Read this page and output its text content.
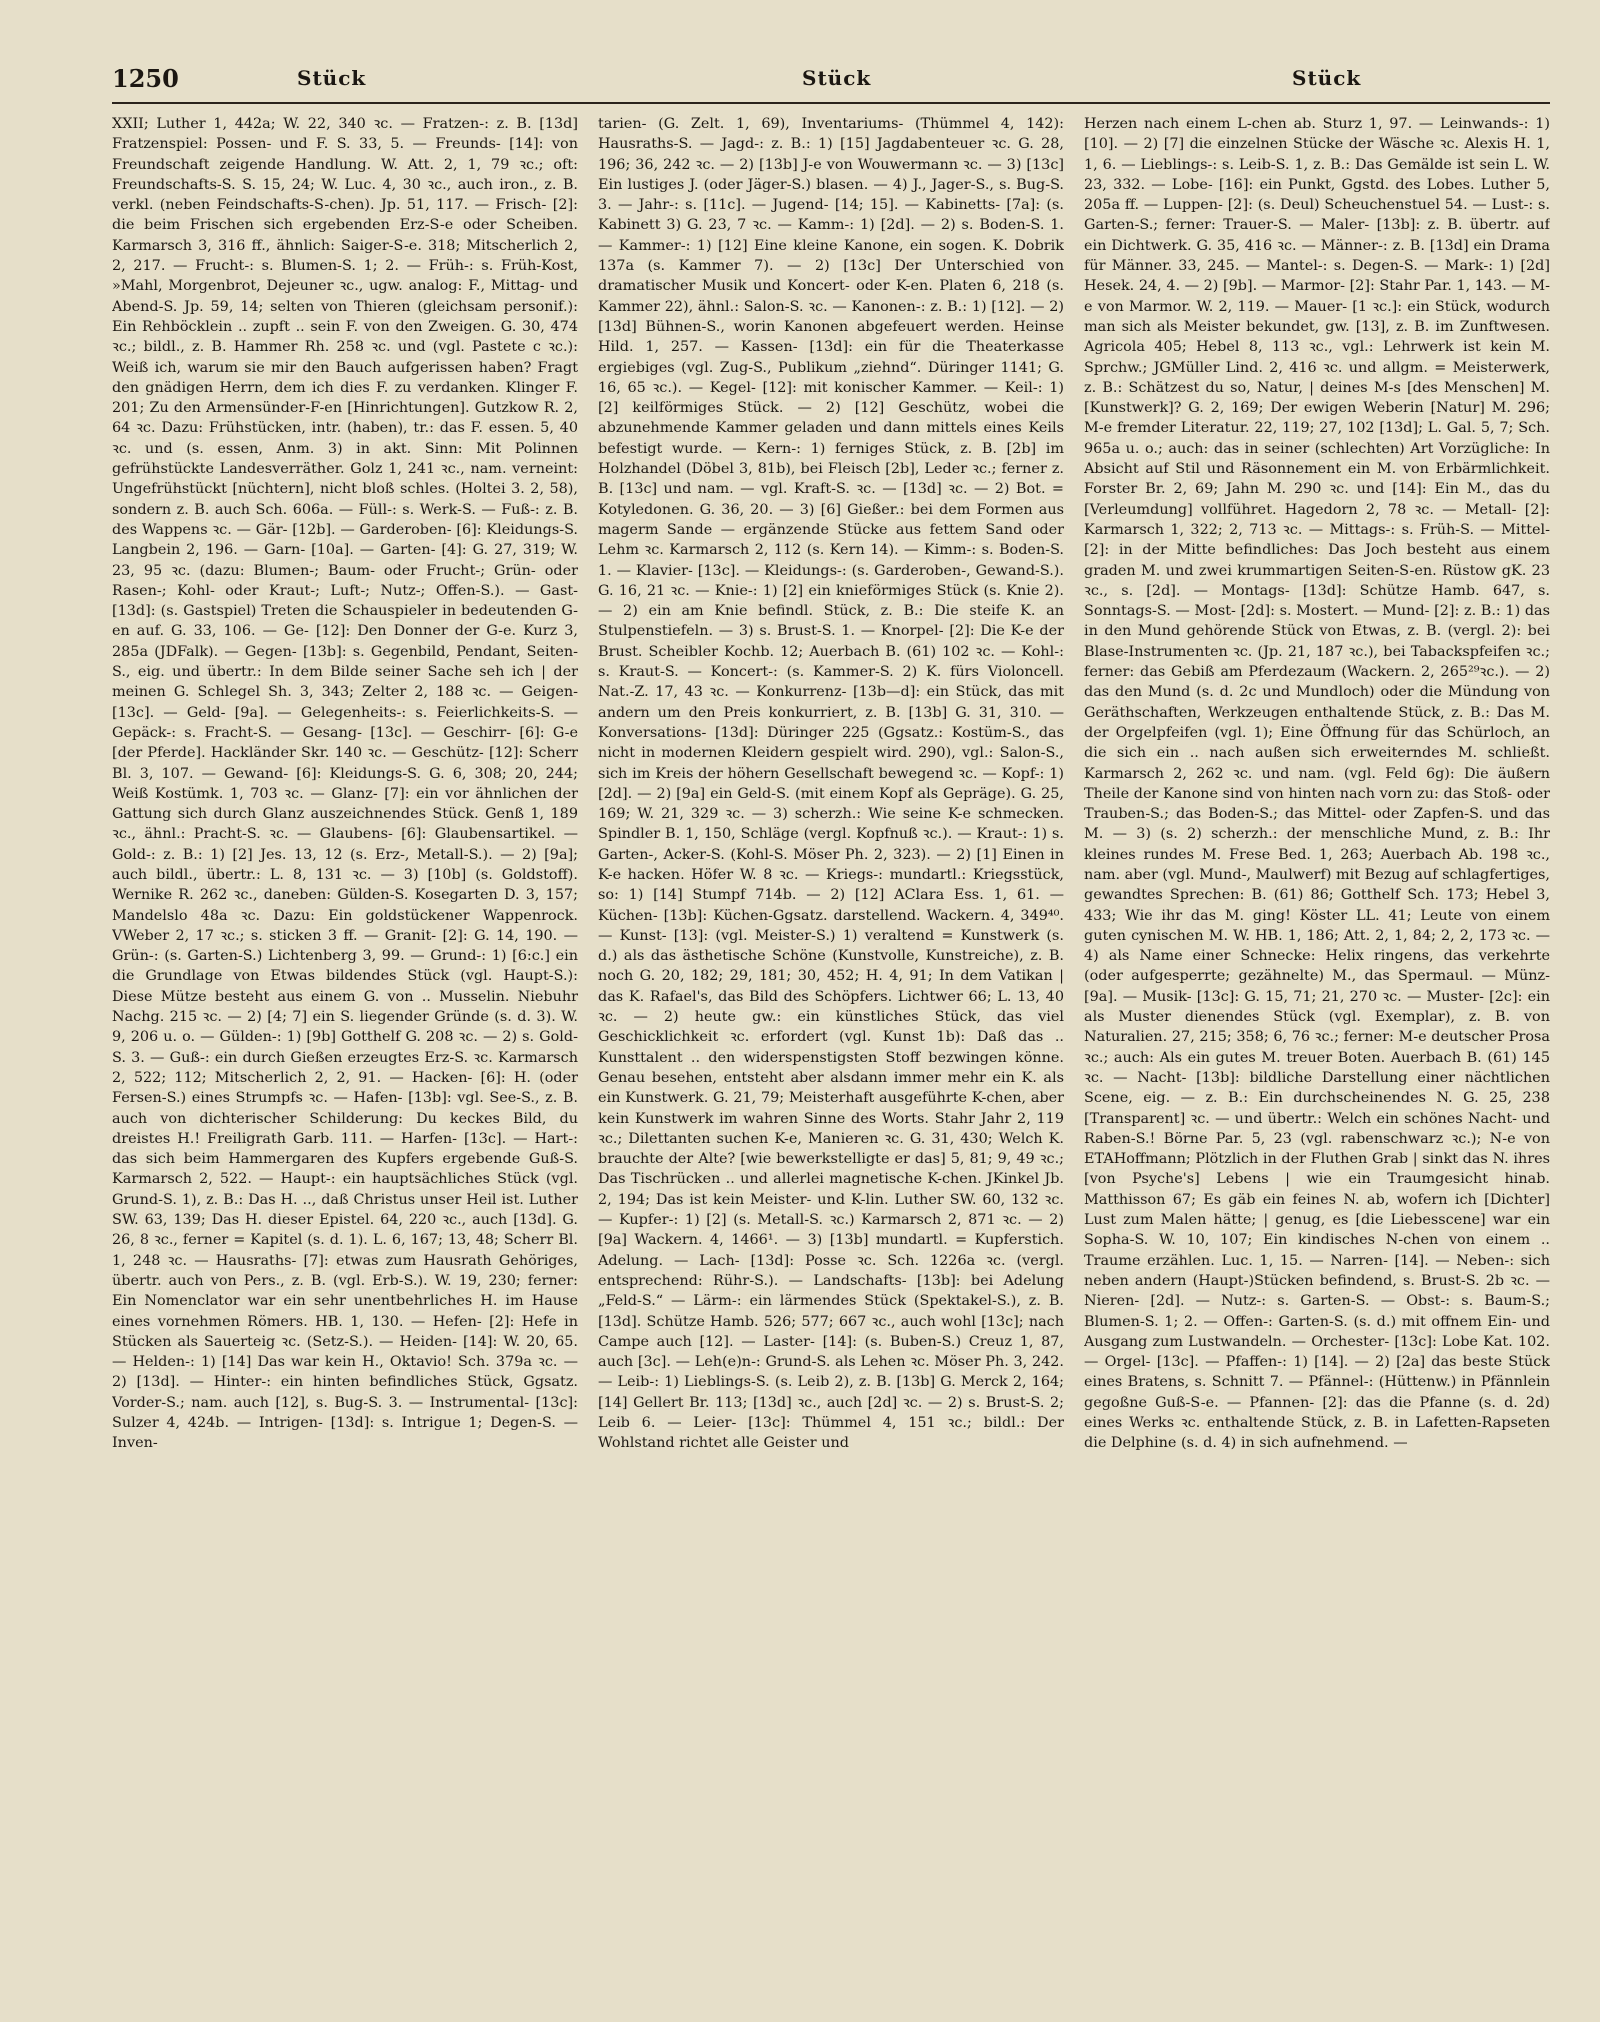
1250	Stück	Stück	Stück

XXII; Luther 1, 442a; W. 22, 340 ꝛc. — Fratzen-: z. B. [13d] Fratzenspiel: Possen- und F. S. 33, 5. — Freunds- [14]: von Freundschaft zeigende Handlung. W. Att. 2, 1, 79 ꝛc.; oft: Freundschafts-S. S. 15, 24; W. Luc. 4, 30 ꝛc., auch iron., z. B. verkl. (neben Feindschafts-S-chen). Jp. 51, 117. — Frisch- [2]: die beim Frischen sich ergebenden Erz-S-e oder Scheiben. Karmarsch 3, 316 ff., ähnlich: Saiger-S-e. 318; Mitscherlich 2, 2, 217. — Frucht-: s. Blumen-S. 1; 2. — Früh-: s. Früh-Kost, »Mahl, Morgenbrot, Dejeuner ꝛc., ugw. analog: F., Mittag- und Abend-S. Jp. 59, 14; selten von Thieren (gleichsam personif.): Ein Rehböcklein .. zupft .. sein F. von den Zweigen. G. 30, 474 ꝛc.; bildl., z. B. Hammer Rh. 258 ꝛc. und (vgl. Pastete c ꝛc.): Weiß ich, warum sie mir den Bauch aufgerissen haben? Fragt den gnädigen Herrn, dem ich dies F. zu verdanken. Klinger F. 201; Zu den Armensünder-F-en [Hinrichtungen]. Gutzkow R. 2, 64 ꝛc. Dazu: Frühstücken, intr. (haben), tr.: das F. essen. 5, 40 ꝛc. und (s. essen, Anm. 3) in akt. Sinn: Mit Polinnen gefrühstückte Landesverräther. Golz 1, 241 ꝛc., nam. verneint: Ungefrühstückt [nüchtern], nicht bloß schles. (Holtei 3. 2, 58), sondern z. B. auch Sch. 606a. — Füll-: s. Werk-S. — Fuß-: z. B. des Wappens ꝛc. — Gär- [12b]. — Garderoben- [6]: Kleidungs-S. Langbein 2, 196. — Garn- [10a]. — Garten- [4]: G. 27, 319; W. 23, 95 ꝛc. (dazu: Blumen-; Baum- oder Frucht-; Grün- oder Rasen-; Kohl- oder Kraut-; Luft-; Nutz-; Offen-S.). — Gast- [13d]: (s. Gastspiel) Treten die Schauspieler in bedeutenden G-en auf. G. 33, 106. — Ge- [12]: Den Donner der G-e. Kurz 3, 285a (JDFalk). — Gegen- [13b]: s. Gegenbild, Pendant, Seiten-S., eig. und übertr.: In dem Bilde seiner Sache seh ich | der meinen G. Schlegel Sh. 3, 343; Zelter 2, 188 ꝛc. — Geigen- [13c]. — Geld- [9a]. — Gelegenheits-: s. Feierlichkeits-S. — Gepäck-: s. Fracht-S. — Gesang- [13c]. — Geschirr- [6]: G-e [der Pferde]. Hackländer Skr. 140 ꝛc. — Geschütz- [12]: Scherr Bl. 3, 107. — Gewand- [6]: Kleidungs-S. G. 6, 308; 20, 244; Weiß Kostümk. 1, 703 ꝛc. — Glanz- [7]: ein vor ähnlichen der Gattung sich durch Glanz auszeichnendes Stück. Genß 1, 189 ꝛc., ähnl.: Pracht-S. ꝛc. — Glaubens- [6]: Glaubensartikel. — Gold-: z. B.: 1) [2] Jes. 13, 12 (s. Erz-, Metall-S.). — 2) [9a]; auch bildl., übertr.: L. 8, 131 ꝛc. — 3) [10b] (s. Goldstoff). Wernike R. 262 ꝛc., daneben: Gülden-S. Kosegarten D. 3, 157; Mandelslo 48a ꝛc. Dazu: Ein goldstückener Wappenrock. VWeber 2, 17 ꝛc.; s. sticken 3 ff. — Granit- [2]: G. 14, 190. — Grün-: (s. Garten-S.) Lichtenberg 3, 99. — Grund-: 1) [6:c.] ein die Grundlage von Etwas bildendes Stück (vgl. Haupt-S.): Diese Mütze besteht aus einem G. von .. Musselin. Niebuhr Nachg. 215 ꝛc. — 2) [4; 7] ein S. liegender Gründe (s. d. 3). W. 9, 206 u. o. — Gülden-: 1) [9b] Gotthelf G. 208 ꝛc. — 2) s. Gold-S. 3. — Guß-: ein durch Gießen erzeugtes Erz-S. ꝛc. Karmarsch 2, 522; 112; Mitscherlich 2, 2, 91. — Hacken- [6]: H. (oder Fersen-S.) eines Strumpfs ꝛc. — Hafen- [13b]: vgl. See-S., z. B. auch von dichterischer Schilderung: Du keckes Bild, du dreistes H.! Freiligrath Garb. 111. — Harfen- [13c]. — Hart-: das sich beim Hammergaren des Kupfers ergebende Guß-S. Karmarsch 2, 522. — Haupt-: ein hauptsächliches Stück (vgl. Grund-S. 1), z. B.: Das H. .., daß Christus unser Heil ist. Luther SW. 63, 139; Das H. dieser Epistel. 64, 220 ꝛc., auch [13d]. G. 26, 8 ꝛc., ferner = Kapitel (s. d. 1). L. 6, 167; 13, 48; Scherr Bl. 1, 248 ꝛc. — Hausraths- [7]: etwas zum Hausrath Gehöriges, übertr. auch von Pers., z. B. (vgl. Erb-S.). W. 19, 230; ferner: Ein Nomenclator war ein sehr unentbehrliches H. im Hause eines vornehmen Römers. HB. 1, 130. — Hefen- [2]: Hefe in Stücken als Sauerteig ꝛc. (Setz-S.). — Heiden- [14]: W. 20, 65. — Helden-: 1) [14] Das war kein H., Oktavio! Sch. 379a ꝛc. — 2) [13d]. — Hinter-: ein hinten befindliches Stück, Ggsatz. Vorder-S.; nam. auch [12], s. Bug-S. 3. — Instrumental- [13c]: Sulzer 4, 424b. — Intrigen- [13d]: s. Intrigue 1; Degen-S. — Inven-

tarien- (G. Zelt. 1, 69), Inventariums- (Thümmel 4, 142): Hausraths-S. — Jagd-: z. B.: 1) [15] Jagdabenteuer ꝛc. G. 28, 196; 36, 242 ꝛc. — 2) [13b] J-e von Wouwermann ꝛc. — 3) [13c] Ein lustiges J. (oder Jäger-S.) blasen. — 4) J., Jager-S., s. Bug-S. 3. — Jahr-: s. [11c]. — Jugend- [14; 15]. — Kabinetts- [7a]: (s. Kabinett 3) G. 23, 7 ꝛc. — Kamm-: 1) [2d]. — 2) s. Boden-S. 1. — Kammer-: 1) [12] Eine kleine Kanone, ein sogen. K. Dobrik 137a (s. Kammer 7). — 2) [13c] Der Unterschied von dramatischer Musik und Koncert- oder K-en. Platen 6, 218 (s. Kammer 22), ähnl.: Salon-S. ꝛc. — Kanonen-: z. B.: 1) [12]. — 2) [13d] Bühnen-S., worin Kanonen abgefeuert werden. Heinse Hild. 1, 257. — Kassen- [13d]: ein für die Theaterkasse ergiebiges (vgl. Zug-S., Publikum „ziehnd“. Düringer 1141; G. 16, 65 ꝛc.). — Kegel- [12]: mit konischer Kammer. — Keil-: 1) [2] keilförmiges Stück. — 2) [12] Geschütz, wobei die abzunehmende Kammer geladen und dann mittels eines Keils befestigt wurde. — Kern-: 1) ferniges Stück, z. B. [2b] im Holzhandel (Döbel 3, 81b), bei Fleisch [2b], Leder ꝛc.; ferner z. B. [13c] und nam. — vgl. Kraft-S. ꝛc. — [13d] ꝛc. — 2) Bot. = Kotyledonen. G. 36, 20. — 3) [6] Gießer.: bei dem Formen aus magerm Sande — ergänzende Stücke aus fettem Sand oder Lehm ꝛc. Karmarsch 2, 112 (s. Kern 14). — Kimm-: s. Boden-S. 1. — Klavier- [13c]. — Kleidungs-: (s. Garderoben-, Gewand-S.). G. 16, 21 ꝛc. — Knie-: 1) [2] ein knieförmiges Stück (s. Knie 2). — 2) ein am Knie befindl. Stück, z. B.: Die steife K. an Stulpenstiefeln. — 3) s. Brust-S. 1. — Knorpel- [2]: Die K-e der Brust. Scheibler Kochb. 12; Auerbach B. (61) 102 ꝛc. — Kohl-: s. Kraut-S. — Koncert-: (s. Kammer-S. 2) K. fürs Violoncell. Nat.-Z. 17, 43 ꝛc. — Konkurrenz- [13b—d]: ein Stück, das mit andern um den Preis konkurriert, z. B. [13b] G. 31, 310. — Konversations- [13d]: Düringer 225 (Ggsatz.: Kostüm-S., das nicht in modernen Kleidern gespielt wird. 290), vgl.: Salon-S., sich im Kreis der höhern Gesellschaft bewegend ꝛc. — Kopf-: 1) [2d]. — 2) [9a] ein Geld-S. (mit einem Kopf als Gepräge). G. 25, 169; W. 21, 329 ꝛc. — 3) scherzh.: Wie seine K-e schmecken. Spindler B. 1, 150, Schläge (vergl. Kopfnuß ꝛc.). — Kraut-: 1) s. Garten-, Acker-S. (Kohl-S. Möser Ph. 2, 323). — 2) [1] Einen in K-e hacken. Höfer W. 8 ꝛc. — Kriegs-: mundartl.: Kriegsstück, so: 1) [14] Stumpf 714b. — 2) [12] AClara Ess. 1, 61. — Küchen- [13b]: Küchen-Ggsatz. darstellend. Wackern. 4, 349⁴⁰. — Kunst- [13]: (vgl. Meister-S.) 1) veraltend = Kunstwerk (s. d.) als das ästhetische Schöne (Kunstvolle, Kunstreiche), z. B. noch G. 20, 182; 29, 181; 30, 452; H. 4, 91; In dem Vatikan | das K. Rafael's, das Bild des Schöpfers. Lichtwer 66; L. 13, 40 ꝛc. — 2) heute gw.: ein künstliches Stück, das viel Geschicklichkeit ꝛc. erfordert (vgl. Kunst 1b): Daß das .. Kunsttalent .. den widerspenstigsten Stoff bezwingen könne. Genau besehen, entsteht aber alsdann immer mehr ein K. als ein Kunstwerk. G. 21, 79; Meisterhaft ausgeführte K-chen, aber kein Kunstwerk im wahren Sinne des Worts. Stahr Jahr 2, 119 ꝛc.; Dilettanten suchen K-e, Manieren ꝛc. G. 31, 430; Welch K. brauchte der Alte? [wie bewerkstelligte er das] 5, 81; 9, 49 ꝛc.; Das Tischrücken .. und allerlei magnetische K-chen. JKinkel Jb. 2, 194; Das ist kein Meister- und K-lin. Luther SW. 60, 132 ꝛc. — Kupfer-: 1) [2] (s. Metall-S. ꝛc.) Karmarsch 2, 871 ꝛc. — 2) [9a] Wackern. 4, 1466¹. — 3) [13b] mundartl. = Kupferstich. Adelung. — Lach- [13d]: Posse ꝛc. Sch. 1226a ꝛc. (vergl. entsprechend: Rühr-S.). — Landschafts- [13b]: bei Adelung „Feld-S.“ — Lärm-: ein lärmendes Stück (Spektakel-S.), z. B. [13d]. Schütze Hamb. 526; 577; 667 ꝛc., auch wohl [13c]; nach Campe auch [12]. — Laster- [14]: (s. Buben-S.) Creuz 1, 87, auch [3c]. — Leh(e)n-: Grund-S. als Lehen ꝛc. Möser Ph. 3, 242. — Leib-: 1) Lieblings-S. (s. Leib 2), z. B. [13b] G. Merck 2, 164; [14] Gellert Br. 113; [13d] ꝛc., auch [2d] ꝛc. — 2) s. Brust-S. 2; Leib 6. — Leier- [13c]: Thümmel 4, 151 ꝛc.; bildl.: Der Wohlstand richtet alle Geister und

Herzen nach einem L-chen ab. Sturz 1, 97. — Leinwands-: 1) [10]. — 2) [7] die einzelnen Stücke der Wäsche ꝛc. Alexis H. 1, 1, 6. — Lieblings-: s. Leib-S. 1, z. B.: Das Gemälde ist sein L. W. 23, 332. — Lobe- [16]: ein Punkt, Ggstd. des Lobes. Luther 5, 205a ff. — Luppen- [2]: (s. Deul) Scheuchenstuel 54. — Lust-: s. Garten-S.; ferner: Trauer-S. — Maler- [13b]: z. B. übertr. auf ein Dichtwerk. G. 35, 416 ꝛc. — Männer-: z. B. [13d] ein Drama für Männer. 33, 245. — Mantel-: s. Degen-S. — Mark-: 1) [2d] Hesek. 24, 4. — 2) [9b]. — Marmor- [2]: Stahr Par. 1, 143. — M-e von Marmor. W. 2, 119. — Mauer- [1 ꝛc.]: ein Stück, wodurch man sich als Meister bekundet, gw. [13], z. B. im Zunftwesen. Agricola 405; Hebel 8, 113 ꝛc., vgl.: Lehrwerk ist kein M. Sprchw.; JGMüller Lind. 2, 416 ꝛc. und allgm. = Meisterwerk, z. B.: Schätzest du so, Natur, | deines M-s [des Menschen] M. [Kunstwerk]? G. 2, 169; Der ewigen Weberin [Natur] M. 296; M-e fremder Literatur. 22, 119; 27, 102 [13d]; L. Gal. 5, 7; Sch. 965a u. o.; auch: das in seiner (schlechten) Art Vorzügliche: In Absicht auf Stil und Räsonnement ein M. von Erbärmlichkeit. Forster Br. 2, 69; Jahn M. 290 ꝛc. und [14]: Ein M., das du [Verleumdung] vollführet. Hagedorn 2, 78 ꝛc. — Metall- [2]: Karmarsch 1, 322; 2, 713 ꝛc. — Mittags-: s. Früh-S. — Mittel- [2]: in der Mitte befindliches: Das Joch besteht aus einem graden M. und zwei krummartigen Seiten-S-en. Rüstow gK. 23 ꝛc., s. [2d]. — Montags- [13d]: Schütze Hamb. 647, s. Sonntags-S. — Most- [2d]: s. Mostert. — Mund- [2]: z. B.: 1) das in den Mund gehörende Stück von Etwas, z. B. (vergl. 2): bei Blase-Instrumenten ꝛc. (Jp. 21, 187 ꝛc.), bei Tabackspfeifen ꝛc.; ferner: das Gebiß am Pferdezaum (Wackern. 2, 265²⁹ꝛc.). — 2) das den Mund (s. d. 2c und Mundloch) oder die Mündung von Geräthschaften, Werkzeugen enthaltende Stück, z. B.: Das M. der Orgelpfeifen (vgl. 1); Eine Öffnung für das Schürloch, an die sich ein .. nach außen sich erweiterndes M. schließt. Karmarsch 2, 262 ꝛc. und nam. (vgl. Feld 6g): Die äußern Theile der Kanone sind von hinten nach vorn zu: das Stoß- oder Trauben-S.; das Boden-S.; das Mittel- oder Zapfen-S. und das M. — 3) (s. 2) scherzh.: der menschliche Mund, z. B.: Ihr kleines rundes M. Frese Bed. 1, 263; Auerbach Ab. 198 ꝛc., nam. aber (vgl. Mund-, Maulwerf) mit Bezug auf schlagfertiges, gewandtes Sprechen: B. (61) 86; Gotthelf Sch. 173; Hebel 3, 433; Wie ihr das M. ging! Köster LL. 41; Leute von einem guten cynischen M. W. HB. 1, 186; Att. 2, 1, 84; 2, 2, 173 ꝛc. — 4) als Name einer Schnecke: Helix ringens, das verkehrte (oder aufgesperrte; gezähnelte) M., das Spermaul. — Münz- [9a]. — Musik- [13c]: G. 15, 71; 21, 270 ꝛc. — Muster- [2c]: ein als Muster dienendes Stück (vgl. Exemplar), z. B. von Naturalien. 27, 215; 358; 6, 76 ꝛc.; ferner: M-e deutscher Prosa ꝛc.; auch: Als ein gutes M. treuer Boten. Auerbach B. (61) 145 ꝛc. — Nacht- [13b]: bildliche Darstellung einer nächtlichen Scene, eig. — z. B.: Ein durchscheinendes N. G. 25, 238 [Transparent] ꝛc. — und übertr.: Welch ein schönes Nacht- und Raben-S.! Börne Par. 5, 23 (vgl. rabenschwarz ꝛc.); N-e von ETAHoffmann; Plötzlich in der Fluthen Grab | sinkt das N. ihres [von Psyche's] Lebens | wie ein Traumgesicht hinab. Matthisson 67; Es gäb ein feines N. ab, wofern ich [Dichter] Lust zum Malen hätte; | genug, es [die Liebesscene] war ein Sopha-S. W. 10, 107; Ein kindisches N-chen von einem .. Traume erzählen. Luc. 1, 15. — Narren- [14]. — Neben-: sich neben andern (Haupt-)Stücken befindend, s. Brust-S. 2b ꝛc. — Nieren- [2d]. — Nutz-: s. Garten-S. — Obst-: s. Baum-S.; Blumen-S. 1; 2. — Offen-: Garten-S. (s. d.) mit offnem Ein- und Ausgang zum Lustwandeln. — Orchester- [13c]: Lobe Kat. 102. — Orgel- [13c]. — Pfaffen-: 1) [14]. — 2) [2a] das beste Stück eines Bratens, s. Schnitt 7. — Pfännel-: (Hüttenw.) in Pfännlein gegoßne Guß-S-e. — Pfannen- [2]: das die Pfanne (s. d. 2d) eines Werks ꝛc. enthaltende Stück, z. B. in Lafetten-Rapseten die Delphine (s. d. 4) in sich aufnehmend. —
